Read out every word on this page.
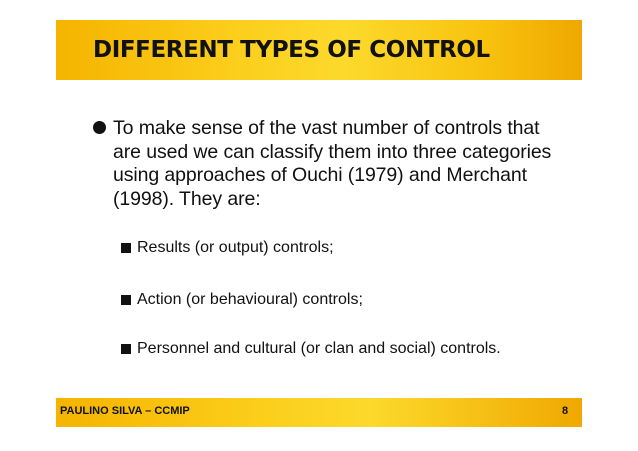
DIFFERENT TYPES OF CONTROL
To make sense of the vast number of controls that are used we can classify them into three categories using approaches of Ouchi (1979) and Merchant (1998). They are:
Results (or output) controls;
Action (or behavioural) controls;
Personnel and cultural (or clan and social) controls.
PAULINO SILVA – CCMIP	8
